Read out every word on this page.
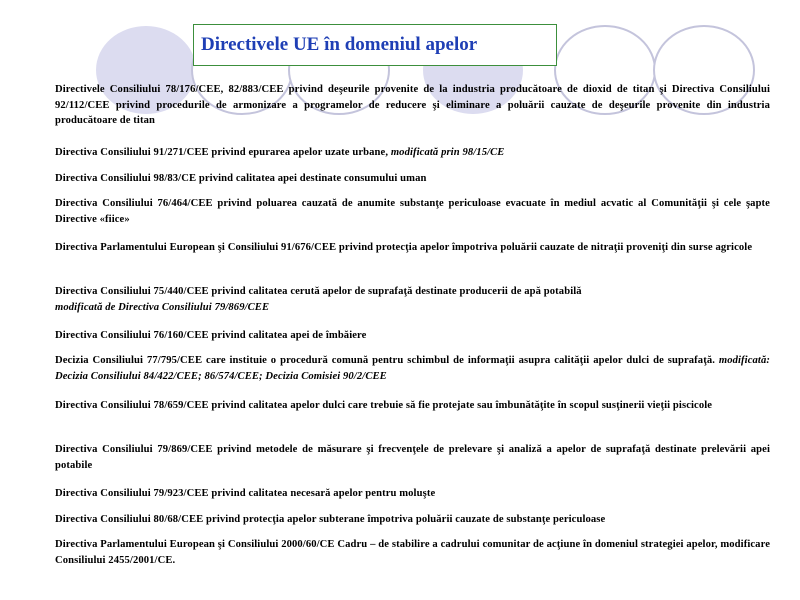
Directivele UE în domeniul apelor

Directivele Consiliului 78/176/CEE, 82/883/CEE privind deşeurile provenite de la industria producătoare de dioxid de titan şi Directiva Consiliului 92/112/CEE privind procedurile de armonizare a programelor de reducere şi eliminare a poluării cauzate de deşeurile provenite din industria producătoare de titan

Directiva Consiliului 91/271/CEE privind epurarea apelor uzate urbane, modificată prin 98/15/CE

Directiva Consiliului 98/83/CE privind calitatea apei destinate consumului uman

Directiva Consiliului 76/464/CEE privind poluarea cauzată de anumite substanţe periculoase evacuate în mediul acvatic al Comunităţii şi cele şapte Directive «fiice»

Directiva Parlamentului European şi Consiliului 91/676/CEE privind protecţia apelor împotriva poluării cauzate de nitraţii proveniţi din surse agricole

Directiva Consiliului 75/440/CEE privind calitatea cerută apelor de suprafaţă destinate producerii de apă potabilă
modificată de Directiva Consiliului 79/869/CEE

Directiva Consiliului 76/160/CEE privind calitatea apei de îmbăiere

Decizia Consiliului 77/795/CEE care instituie o procedură comună pentru schimbul de informaţii asupra calităţii apelor dulci de suprafaţă. modificată: Decizia Consiliului 84/422/CEE; 86/574/CEE; Decizia Comisiei 90/2/CEE

Directiva Consiliului 78/659/CEE privind calitatea apelor dulci care trebuie să fie protejate sau îmbunătăţite în scopul susţinerii vieţii piscicole

Directiva Consiliului 79/869/CEE privind metodele de măsurare şi frecvenţele de prelevare şi analiză a apelor de suprafaţă destinate prelevării apei potabile

Directiva Consiliului 79/923/CEE privind calitatea necesară apelor pentru moluşte

Directiva Consiliului 80/68/CEE privind protecţia apelor subterane împotriva poluării cauzate de substanţe periculoase

Directiva Parlamentului European şi Consiliului 2000/60/CE Cadru – de stabilire a cadrului comunitar de acţiune în domeniul strategiei apelor, modificare Consiliului 2455/2001/CE.
